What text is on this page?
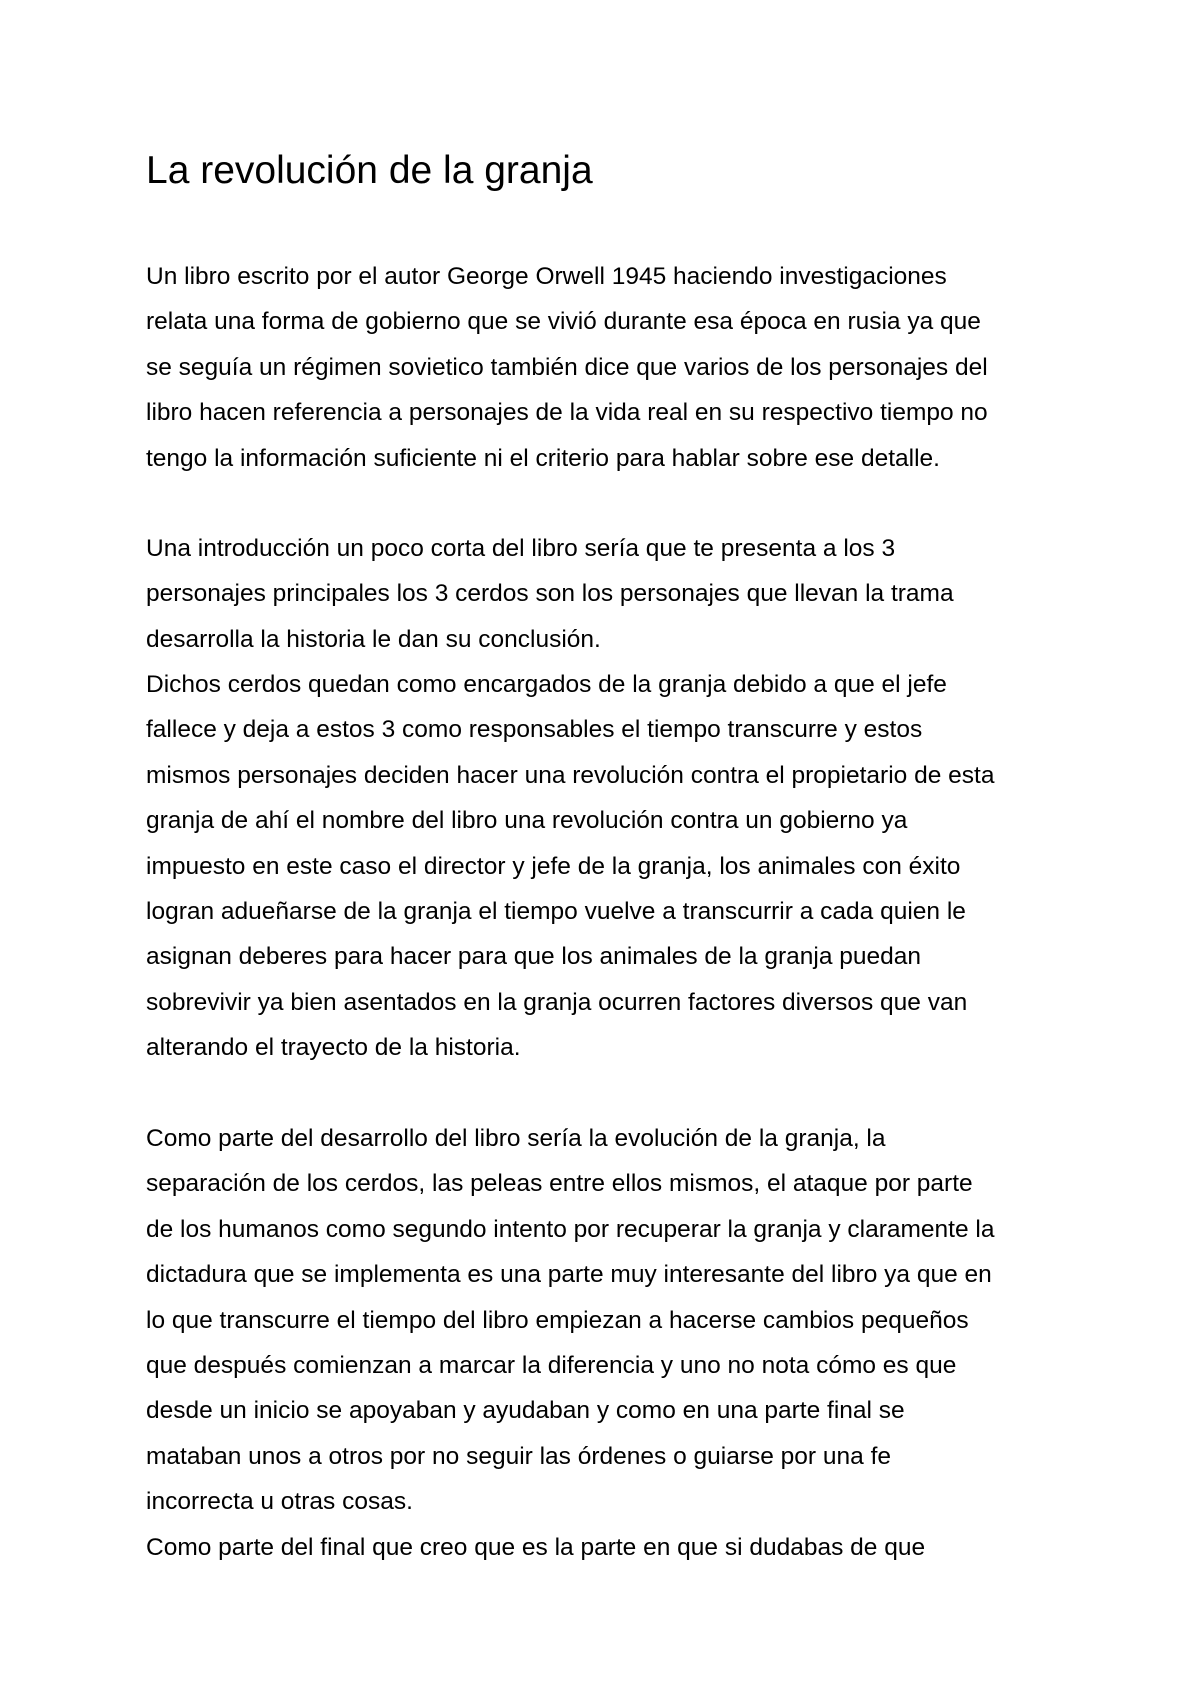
La revolución de la granja

Un libro escrito por el autor George Orwell 1945 haciendo investigaciones
relata una forma de gobierno que se vivió durante esa época en rusia ya que
se seguía un régimen sovietico también dice que varios de los personajes del
libro hacen referencia a personajes de la vida real en su respectivo tiempo no
tengo la información suficiente ni el criterio para hablar sobre ese detalle.

Una introducción un poco corta del libro sería que te presenta a los 3
personajes principales los 3 cerdos son los personajes que llevan la trama
desarrolla la historia le dan su conclusión.

Dichos cerdos quedan como encargados de la granja debido a que el jefe
fallece y deja a estos 3 como responsables el tiempo transcurre y estos
mismos personajes deciden hacer una revolución contra el propietario de esta
granja de ahí el nombre del libro una revolución contra un gobierno ya
impuesto en este caso el director y jefe de la granja, los animales con éxito
logran adueñarse de la granja el tiempo vuelve a transcurrir a cada quien le
asignan deberes para hacer para que los animales de la granja puedan
sobrevivir ya bien asentados en la granja ocurren factores diversos que van
alterando el trayecto de la historia.

Como parte del desarrollo del libro sería la evolución de la granja, la
separación de los cerdos, las peleas entre ellos mismos, el ataque por parte
de los humanos como segundo intento por recuperar la granja y claramente la
dictadura que se implementa es una parte muy interesante del libro ya que en
lo que transcurre el tiempo del libro empiezan a hacerse cambios pequeños
que después comienzan a marcar la diferencia y uno no nota cómo es que
desde un inicio se apoyaban y ayudaban y como en una parte final se
mataban unos a otros por no seguir las órdenes o guiarse por una fe
incorrecta u otras cosas.

Como parte del final que creo que es la parte en que si dudabas de que
